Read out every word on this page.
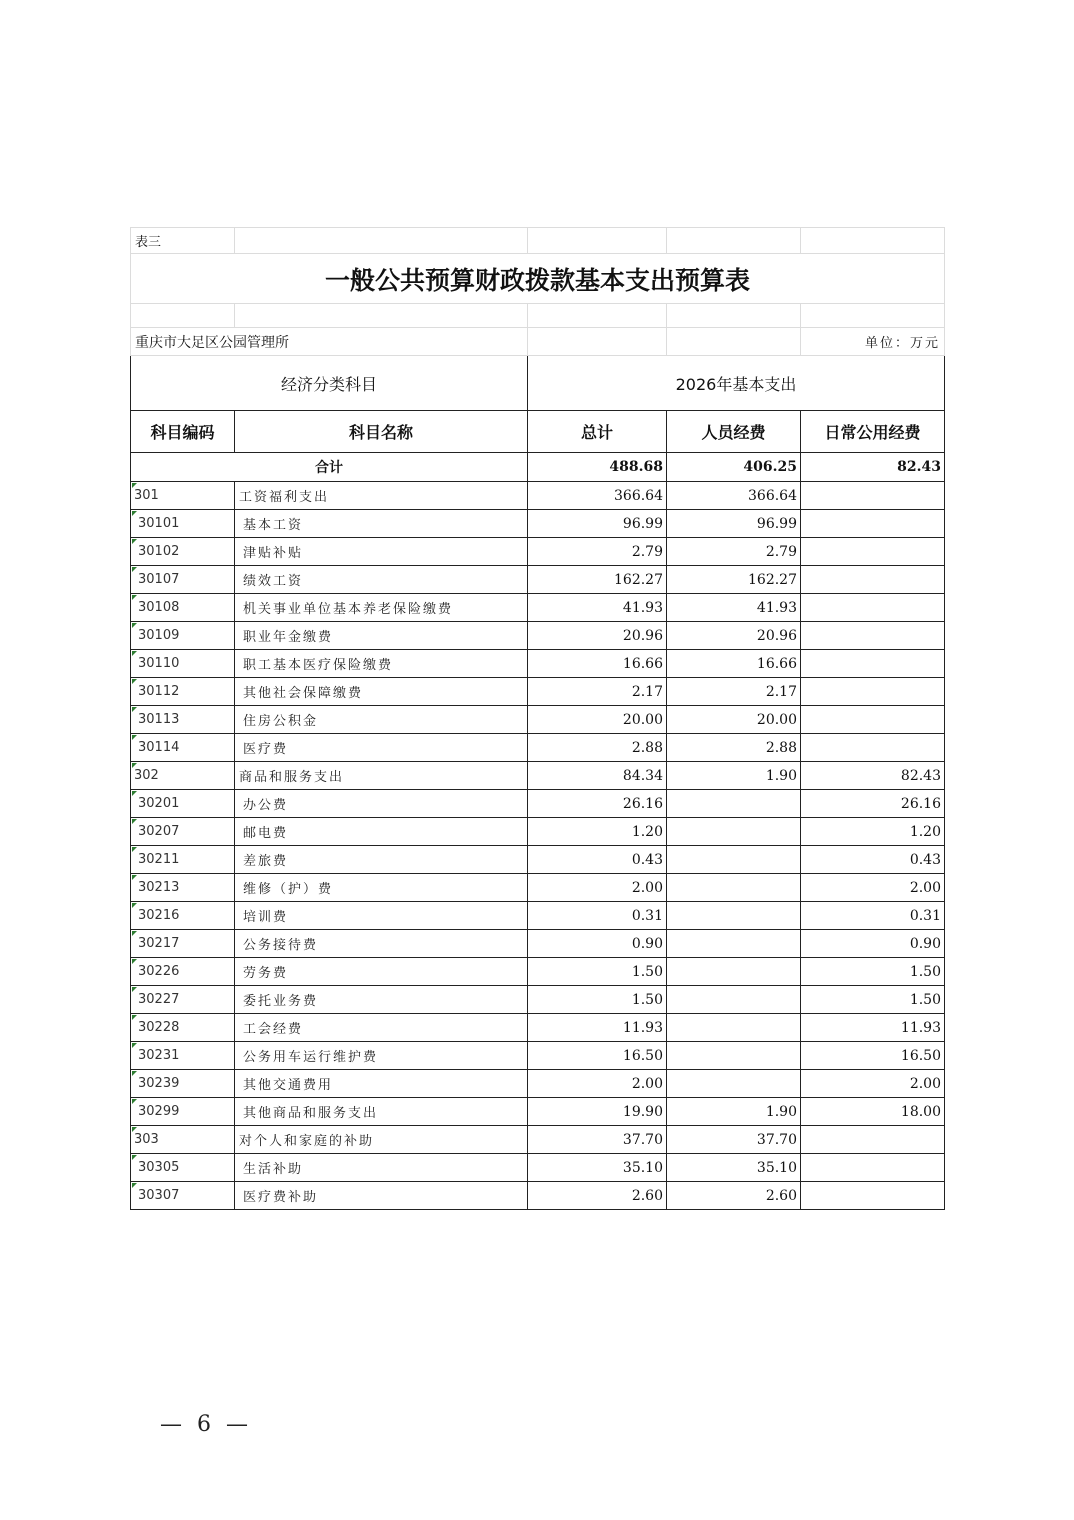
表三				
一般公共预算财政拨款基本支出预算表				

重庆市大足区公园管理所				单位：万元
经济分类科目		2026年基本支出		
科目编码	科目名称	总计	人员经费	日常公用经费
合计		488.68	406.25	82.43
301	工资福利支出	366.64	366.64	
30101	基本工资	96.99	96.99	
30102	津贴补贴	2.79	2.79	
30107	绩效工资	162.27	162.27	
30108	机关事业单位基本养老保险缴费	41.93	41.93	
30109	职业年金缴费	20.96	20.96	
30110	职工基本医疗保险缴费	16.66	16.66	
30112	其他社会保障缴费	2.17	2.17	
30113	住房公积金	20.00	20.00	
30114	医疗费	2.88	2.88	
302	商品和服务支出	84.34	1.90	82.43
30201	办公费	26.16		26.16
30207	邮电费	1.20		1.20
30211	差旅费	0.43		0.43
30213	维修（护）费	2.00		2.00
30216	培训费	0.31		0.31
30217	公务接待费	0.90		0.90
30226	劳务费	1.50		1.50
30227	委托业务费	1.50		1.50
30228	工会经费	11.93		11.93
30231	公务用车运行维护费	16.50		16.50
30239	其他交通费用	2.00		2.00
30299	其他商品和服务支出	19.90	1.90	18.00
303	对个人和家庭的补助	37.70	37.70	
30305	生活补助	35.10	35.10	
30307	医疗费补助	2.60	2.60	
— 6 —
